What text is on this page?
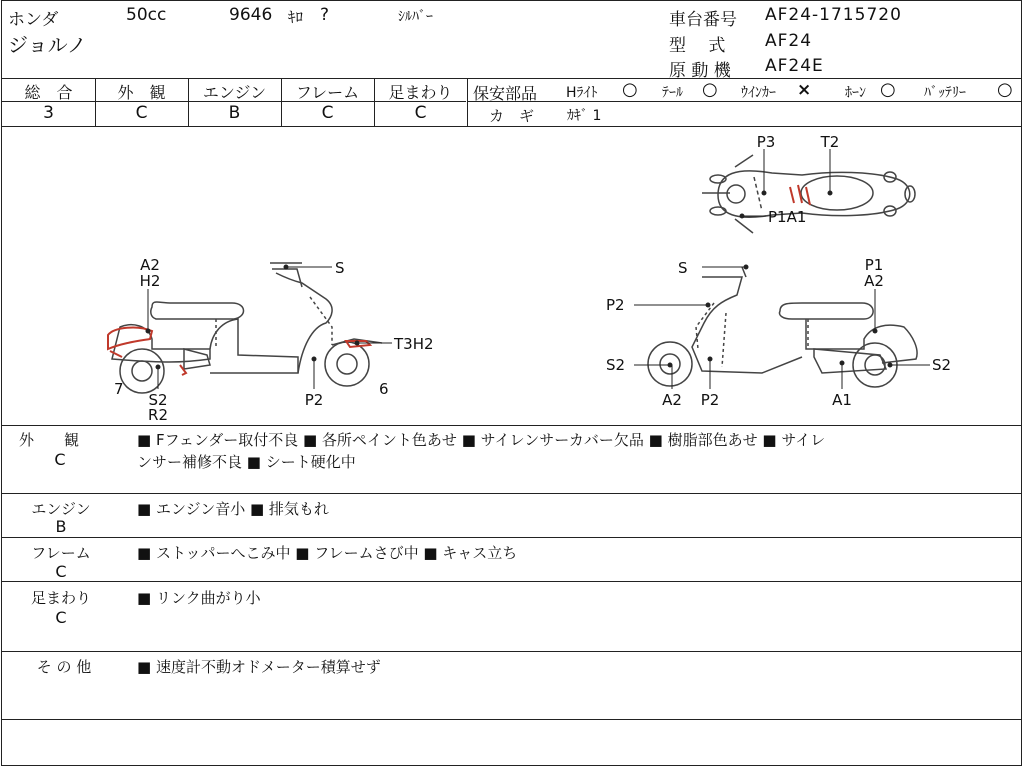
ホンダ	50cc	9646 ｷﾛ ?	ｼﾙﾊﾞｰ
ジョルノ
車台番号 AF24-1715720
型　 式 AF24
原 動 機 AF24E
総　合
3
外　観
C
エンジン
B
フレーム
C
足まわり
C
保安部品 Hﾗｲﾄ ○ ﾃｰﾙ ○ ｳｲﾝｶｰ × ﾎｰﾝ ○ ﾊﾞｯﾃﾘｰ ○
カ　ギ ｶｷﾞ 1
P3	T2
P1A1
A2
H2
S
T3H2
7
S2
R2
P2
6
S	P1
A2
P2
S2	S2
A2 P2	A1
外　　観
C
■ Fフェンダー取付不良 ■ 各所ペイント色あせ ■ サイレンサーカバー欠品 ■ 樹脂部色あせ ■ サイレ
ンサー補修不良 ■ シート硬化中
エンジン
B
■ エンジン音小 ■ 排気もれ
フレーム
C
■ ストッパーへこみ中 ■ フレームさび中 ■ キャス立ち
足まわり
C
■ リンク曲がり小
そ の 他	■ 速度計不動オドメーター積算せず
